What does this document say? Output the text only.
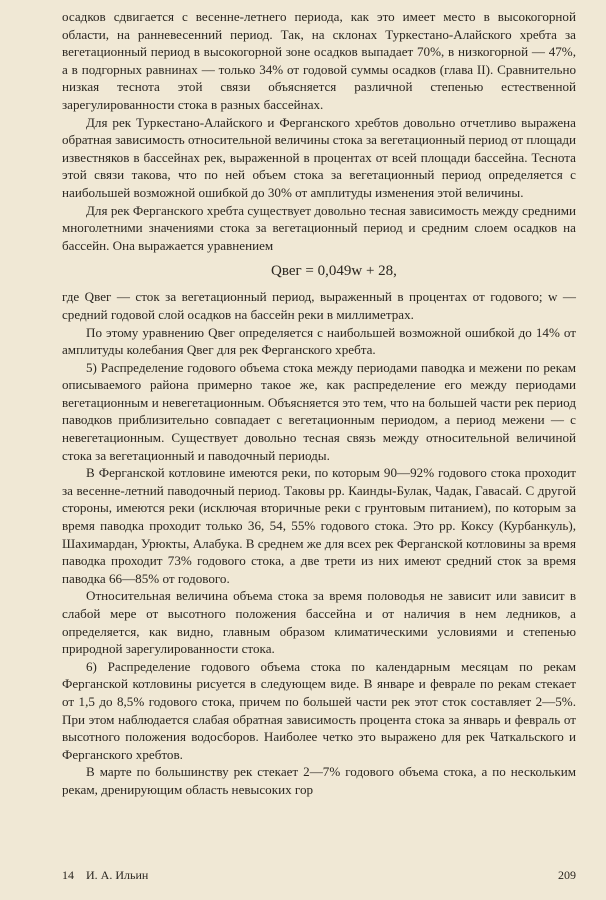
осадков сдвигается с весенне-летнего периода, как это имеет место в высокогорной области, на ранневесенний период. Так, на склонах Туркестано-Алайского хребта за вегетационный период в высокогорной зоне осадков выпадает 70%, в низкогорной — 47%, а в подгорных равнинах — только 34% от годовой суммы осадков (глава II). Сравнительно низкая теснота этой связи объясняется различной степенью естественной зарегулированности стока в разных бассейнах.

Для рек Туркестано-Алайского и Ферганского хребтов довольно отчетливо выражена обратная зависимость относительной величины стока за вегетационный период от площади известняков в бассейнах рек, выраженной в процентах от всей площади бассейна. Теснота этой связи такова, что по ней объем стока за вегетационный период определяется с наибольшей возможной ошибкой до 30% от амплитуды изменения этой величины.

Для рек Ферганского хребта существует довольно тесная зависимость между средними многолетними значениями стока за вегетационный период и средним слоем осадков на бассейн. Она выражается уравнением

Qвег = 0,049w + 28,

где Qвег — сток за вегетационный период, выраженный в процентах от годового; w — средний годовой слой осадков на бассейн реки в миллиметрах.

По этому уравнению Qвег определяется с наибольшей возможной ошибкой до 14% от амплитуды колебания Qвег для рек Ферганского хребта.

5) Распределение годового объема стока между периодами паводка и межени по рекам описываемого района примерно такое же, как распределение его между периодами вегетационным и невегетационным. Объясняется это тем, что на большей части рек период паводков приблизительно совпадает с вегетационным периодом, а период межени — с невегетационным. Существует довольно тесная связь между относительной величиной стока за вегетационный и паводочный периоды.

В Ферганской котловине имеются реки, по которым 90—92% годового стока проходит за весенне-летний паводочный период. Таковы рр. Каинды-Булак, Чадак, Гавасай. С другой стороны, имеются реки (исключая вторичные реки с грунтовым питанием), по которым за время паводка проходит только 36, 54, 55% годового стока. Это рр. Коксу (Курбанкуль), Шахимардан, Урюкты, Алабука. В среднем же для всех рек Ферганской котловины за время паводка проходит 73% годового стока, а две трети из них имеют средний сток за время паводка 66—85% от годового.

Относительная величина объема стока за время половодья не зависит или зависит в слабой мере от высотного положения бассейна и от наличия в нем ледников, а определяется, как видно, главным образом климатическими условиями и степенью природной зарегулированности стока.

6) Распределение годового объема стока по календарным месяцам по рекам Ферганской котловины рисуется в следующем виде. В январе и феврале по рекам стекает от 1,5 до 8,5% годового стока, причем по большей части рек этот сток составляет 2—5%. При этом наблюдается слабая обратная зависимость процента стока за январь и февраль от высотного положения водосборов. Наиболее четко это выражено для рек Чаткальского и Ферганского хребтов.

В марте по большинству рек стекает 2—7% годового объема стока, а по нескольким рекам, дренирующим область невысоких гор

14 И. А. Ильин	209
